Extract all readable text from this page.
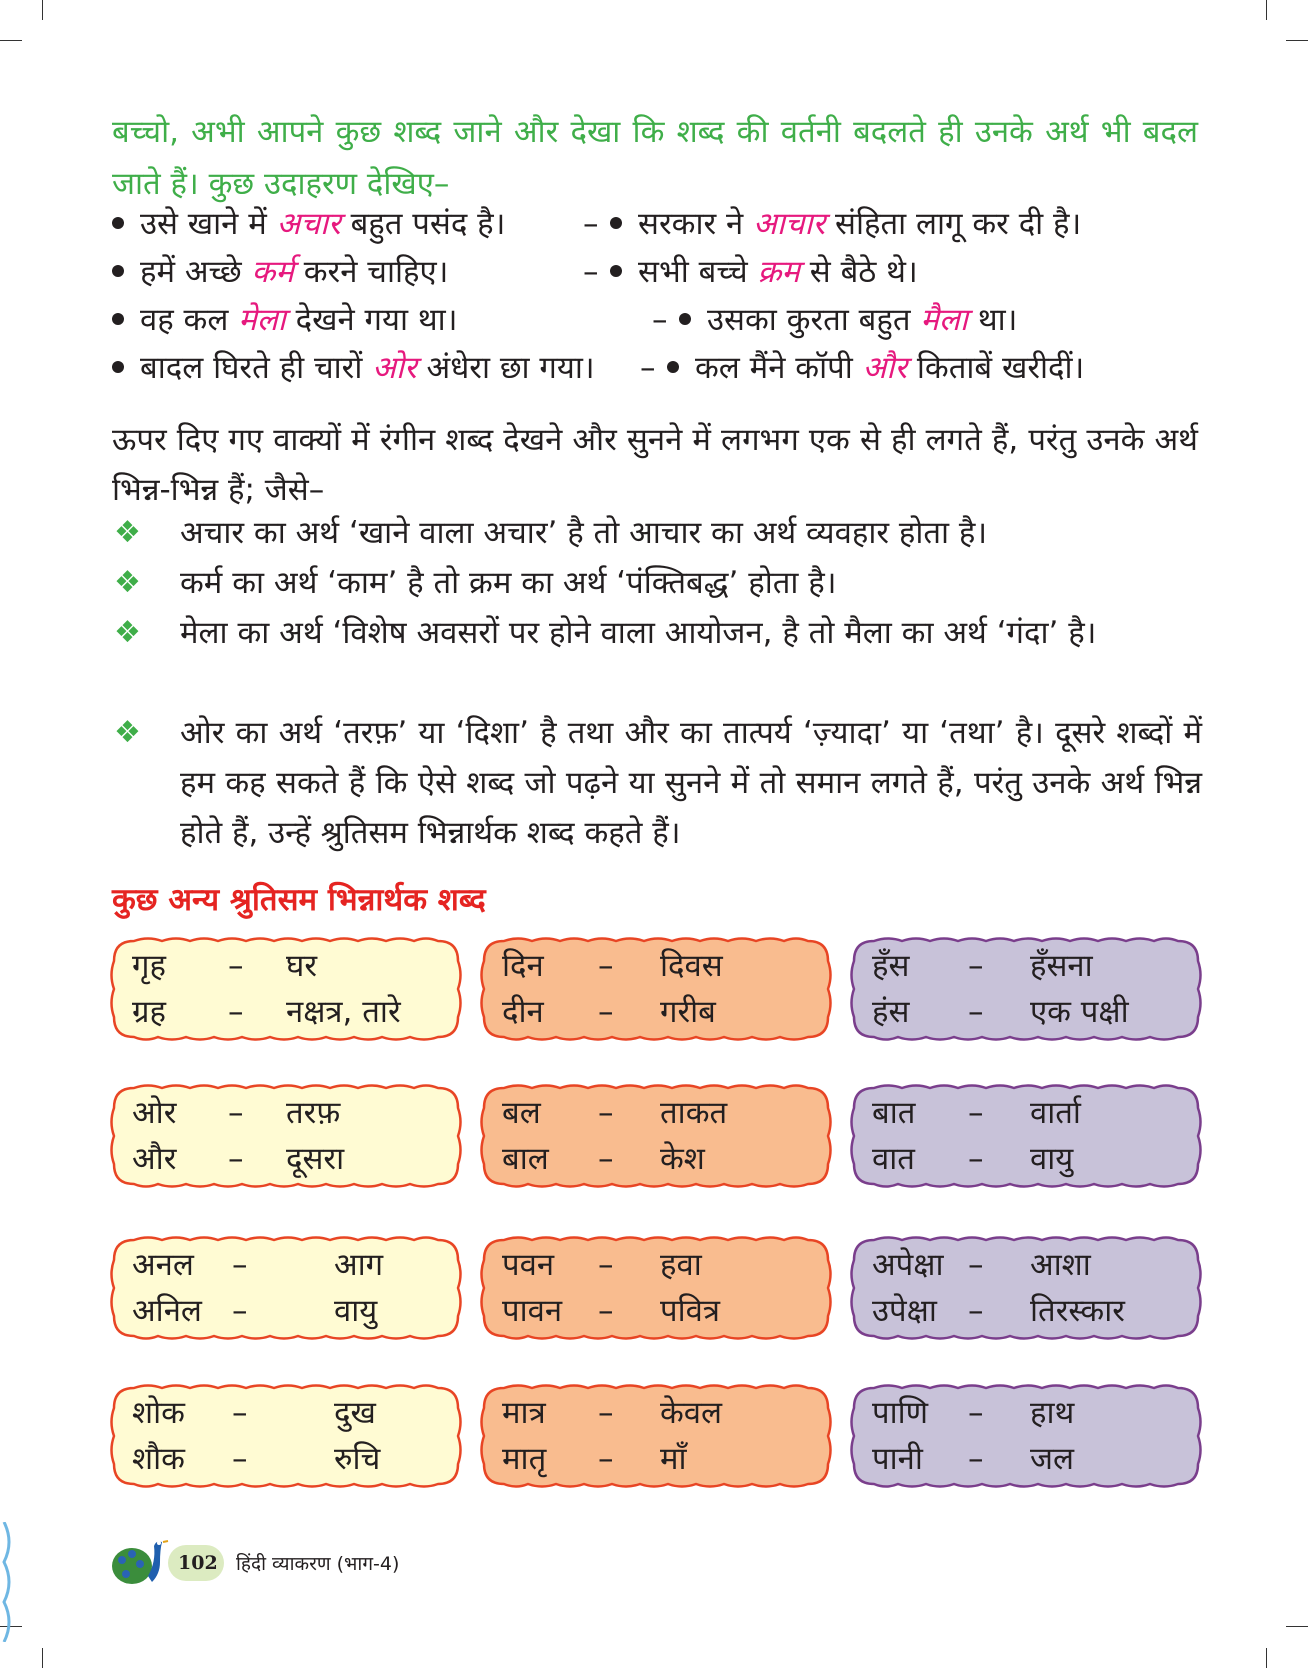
बच्चो, अभी आपने कुछ शब्द जाने और देखा कि शब्द की वर्तनी बदलते ही उनके अर्थ भी बदल जाते हैं। कुछ उदाहरण देखिए–
उसे खाने में अचार बहुत पसंद है।	–	सरकार ने आचार संहिता लागू कर दी है।
हमें अच्छे कर्म करने चाहिए।	–	सभी बच्चे क्रम से बैठे थे।
वह कल मेला देखने गया था।	–	उसका कुरता बहुत मैला था।
बादल घिरते ही चारों ओर अंधेरा छा गया। –	कल मैंने कॉपी और किताबें खरीदीं।
ऊपर दिए गए वाक्यों में रंगीन शब्द देखने और सुनने में लगभग एक से ही लगते हैं, परंतु उनके अर्थ भिन्न-भिन्न हैं; जैसे–
❖ अचार का अर्थ ‘खाने वाला अचार’ है तो आचार का अर्थ व्यवहार होता है।
❖ कर्म का अर्थ ‘काम’ है तो क्रम का अर्थ ‘पंक्तिबद्ध’ होता है।
❖ मेला का अर्थ ‘विशेष अवसरों पर होने वाला आयोजन, है तो मैला का अर्थ ‘गंदा’ है।
❖ ओर का अर्थ ‘तरफ़’ या ‘दिशा’ है तथा और का तात्पर्य ‘ज़्यादा’ या ‘तथा’ है। दूसरे शब्दों में हम कह सकते हैं कि ऐसे शब्द जो पढ़ने या सुनने में तो समान लगते हैं, परंतु उनके अर्थ भिन्न होते हैं, उन्हें श्रुतिसम भिन्नार्थक शब्द कहते हैं।
कुछ अन्य श्रुतिसम भिन्नार्थक शब्द
गृह – घर
ग्रह – नक्षत्र, तारे
दिन – दिवस
दीन – गरीब
हँस – हँसना
हंस – एक पक्षी
ओर – तरफ़
और – दूसरा
बल – ताकत
बाल – केश
बात – वार्ता
वात – वायु
अनल –	आग
अनिल –	वायु
पवन – हवा
पावन – पवित्र
अपेक्षा – आशा
उपेक्षा – तिरस्कार
शोक –	दुख
शौक –	रुचि
मात्र – केवल
मातृ – माँ
पाणि – हाथ
पानी – जल
102 हिंदी व्याकरण (भाग-4)
